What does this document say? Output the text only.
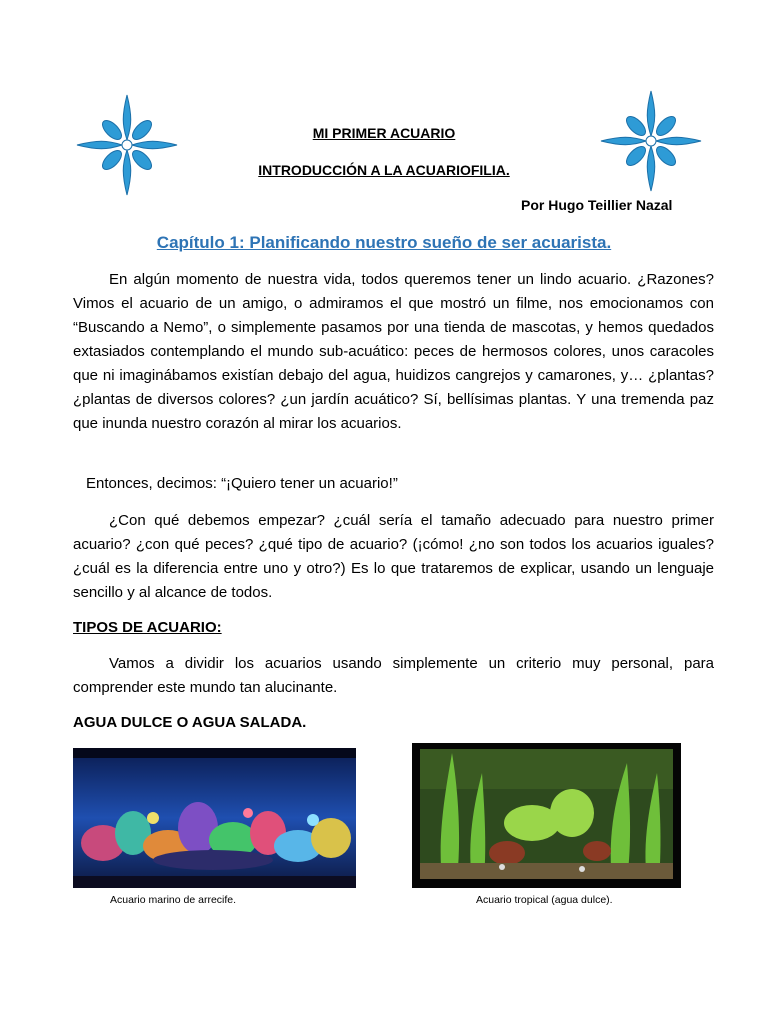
MI PRIMER ACUARIO
INTRODUCCIÓN A LA ACUARIOFILIA.
Por Hugo Teillier Nazal
Capítulo 1: Planificando nuestro sueño de ser acuarista.
En algún momento de nuestra vida, todos queremos tener un lindo acuario. ¿Razones? Vimos el acuario de un amigo, o admiramos el que mostró un filme, nos emocionamos con “Buscando a Nemo”, o simplemente pasamos por una tienda de mascotas, y hemos quedados extasiados contemplando el mundo sub-acuático: peces de hermosos colores, unos caracoles que ni imaginábamos existían debajo del agua, huidizos cangrejos y camarones, y… ¿plantas? ¿plantas de diversos colores? ¿un jardín acuático? Sí, bellísimas plantas. Y una tremenda paz que inunda nuestro corazón al mirar los acuarios.
Entonces, decimos: “¡Quiero tener un acuario!”
¿Con qué debemos empezar? ¿cuál sería el tamaño adecuado para nuestro primer acuario? ¿con qué peces? ¿qué tipo de acuario? (¡cómo! ¿no son todos los acuarios iguales? ¿cuál es la diferencia entre uno y otro?) Es lo que trataremos de explicar, usando un lenguaje sencillo y al alcance de todos.
TIPOS DE ACUARIO:
Vamos a dividir los acuarios usando simplemente un criterio muy personal, para comprender este mundo tan alucinante.
AGUA DULCE O AGUA SALADA.
Acuario marino de arrecife.	Acuario tropical (agua dulce).
